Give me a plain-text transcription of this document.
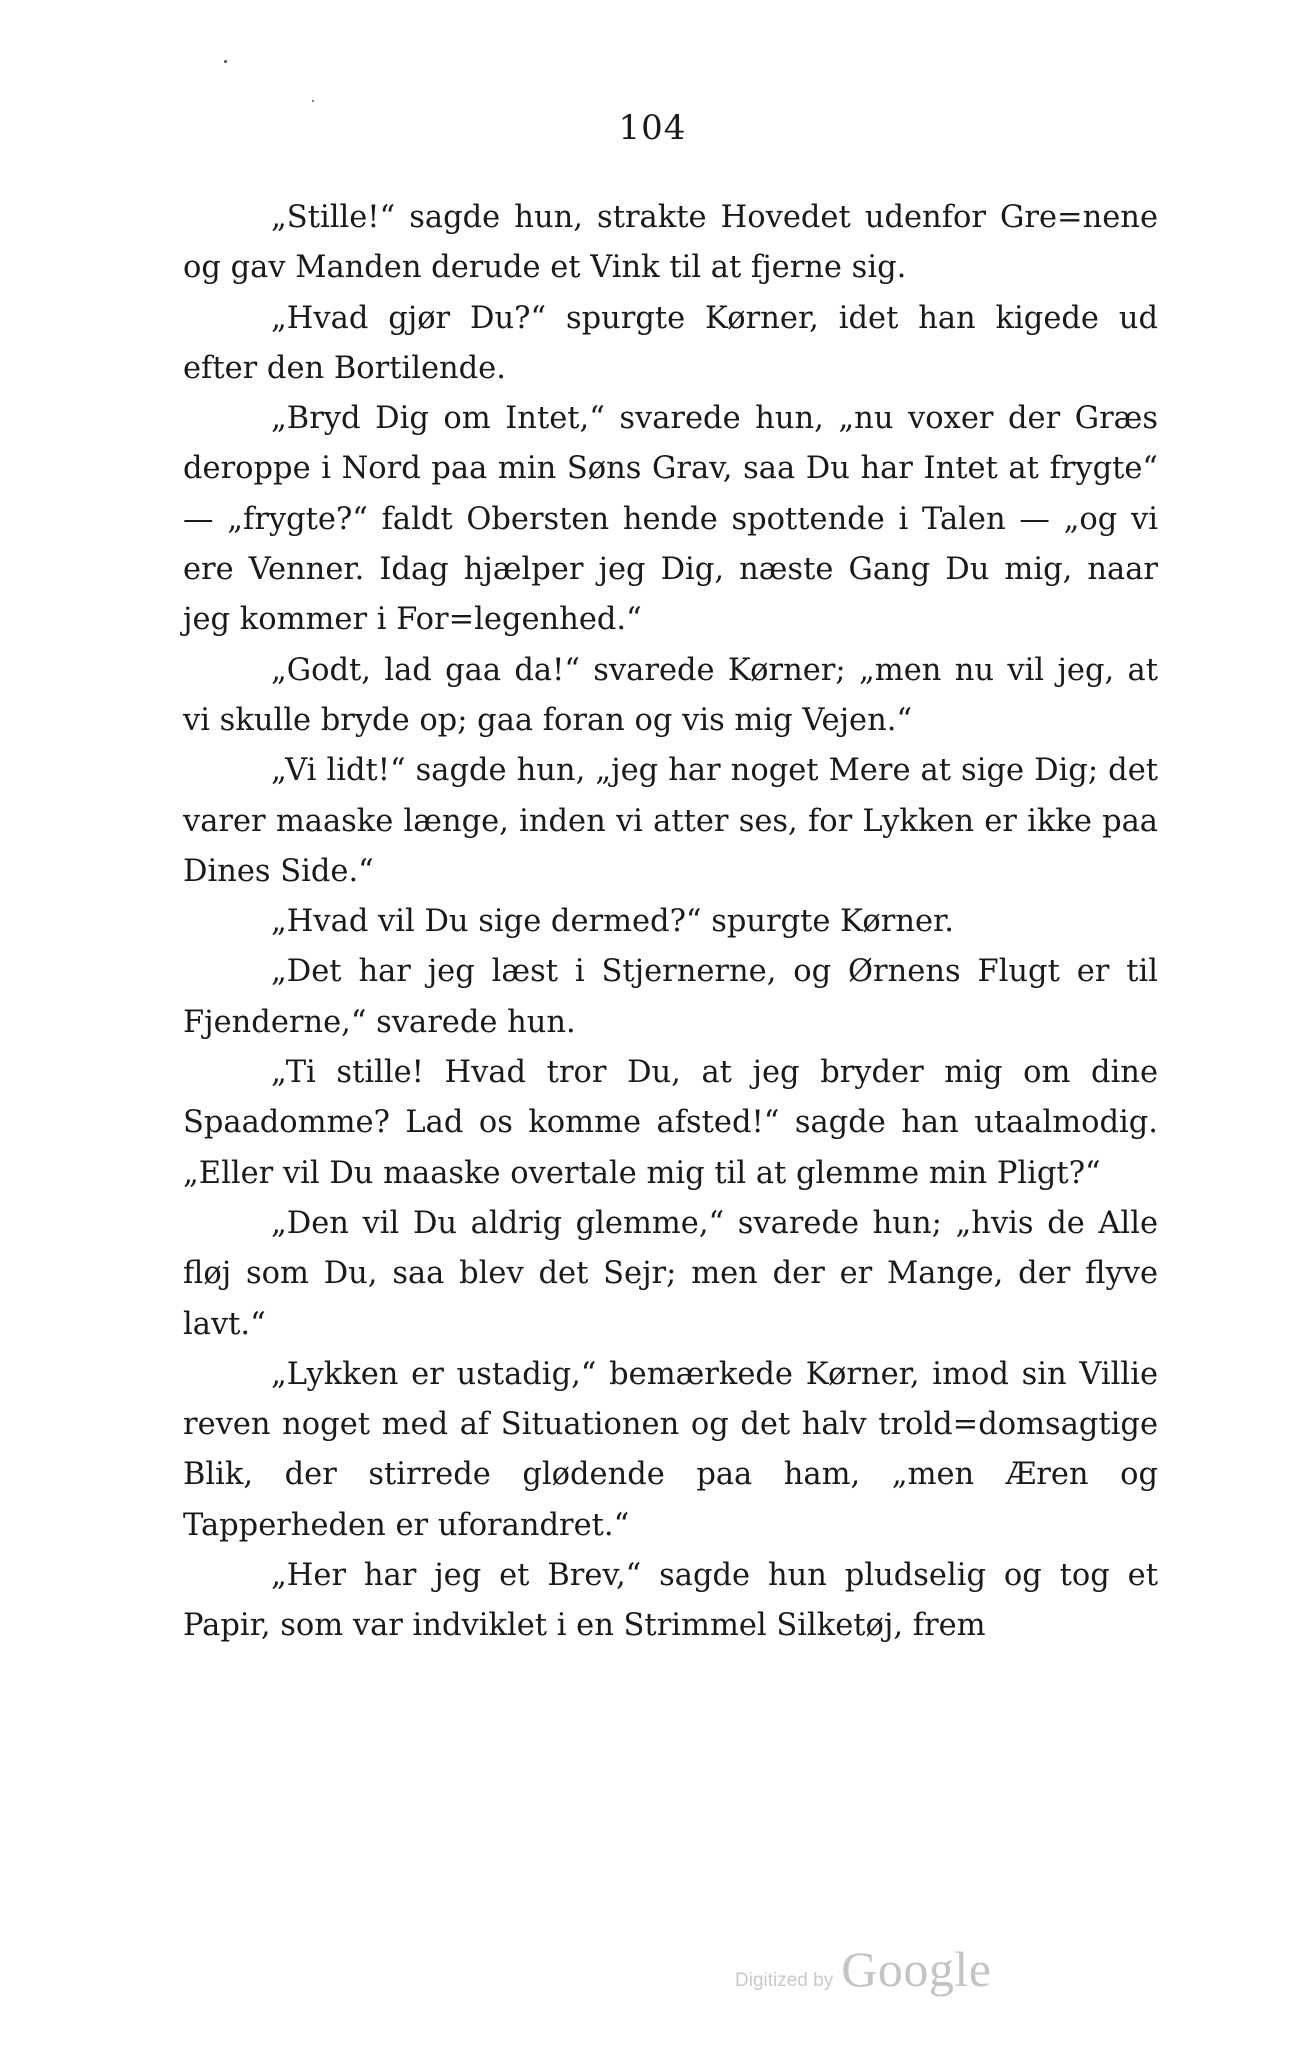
104

„Stille!“ sagde hun, strakte Hovedet udenfor Gre=nene og gav Manden derude et Vink til at fjerne sig.

„Hvad gjør Du?“ spurgte Kørner, idet han kigede ud efter den Bortilende.

„Bryd Dig om Intet,“ svarede hun, „nu voxer der Græs deroppe i Nord paa min Søns Grav, saa Du har Intet at frygte“ — „frygte?“ faldt Obersten hende spottende i Talen — „og vi ere Venner. Idag hjælper jeg Dig, næste Gang Du mig, naar jeg kommer i For=legenhed.“

„Godt, lad gaa da!“ svarede Kørner; „men nu vil jeg, at vi skulle bryde op; gaa foran og vis mig Vejen.“

„Vi lidt!“ sagde hun, „jeg har noget Mere at sige Dig; det varer maaske længe, inden vi atter ses, for Lykken er ikke paa Dines Side.“

„Hvad vil Du sige dermed?“ spurgte Kørner.

„Det har jeg læst i Stjernerne, og Ørnens Flugt er til Fjenderne,“ svarede hun.

„Ti stille! Hvad tror Du, at jeg bryder mig om dine Spaadomme? Lad os komme afsted!“ sagde han utaalmodig. „Eller vil Du maaske overtale mig til at glemme min Pligt?“

„Den vil Du aldrig glemme,“ svarede hun; „hvis de Alle fløj som Du, saa blev det Sejr; men der er Mange, der flyve lavt.“

„Lykken er ustadig,“ bemærkede Kørner, imod sin Villie reven noget med af Situationen og det halv trold=domsagtige Blik, der stirrede glødende paa ham, „men Æren og Tapperheden er uforandret.“

„Her har jeg et Brev,“ sagde hun pludselig og tog et Papir, som var indviklet i en Strimmel Silketøj, frem

Digitized by Google
